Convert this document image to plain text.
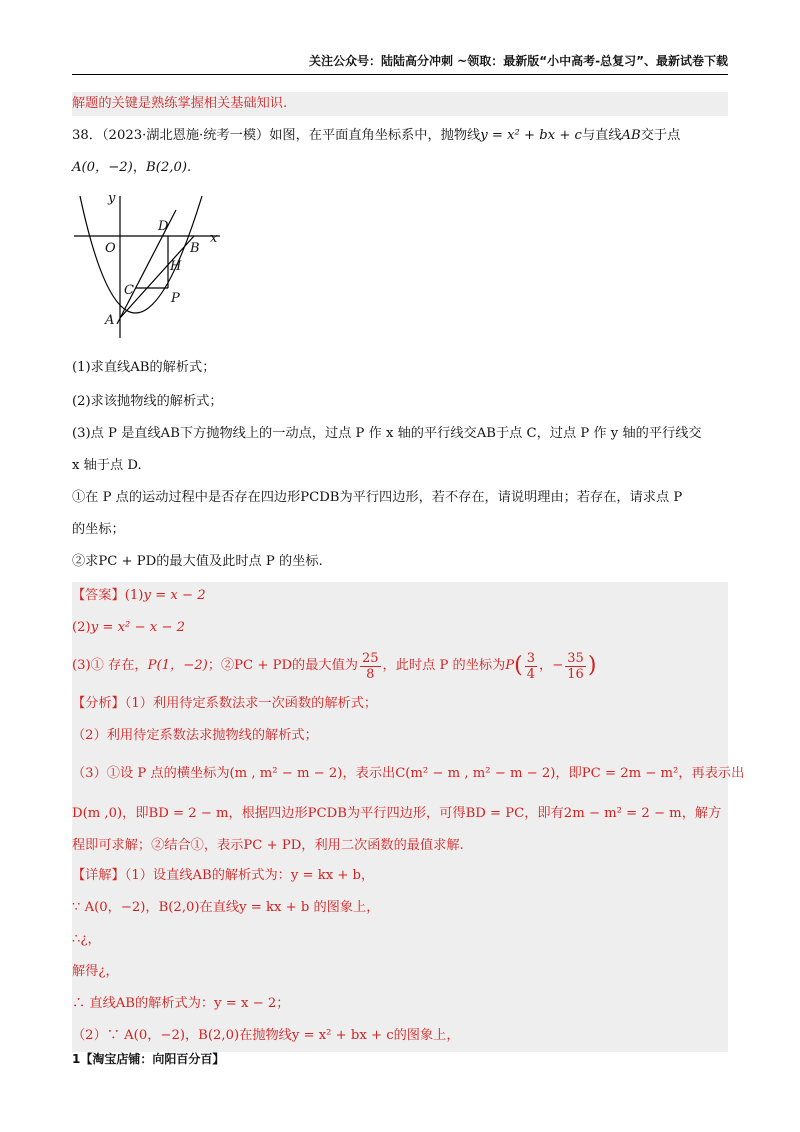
关注公众号：陆陆高分冲刺 ~领取：最新版“小中高考-总复习”、最新试卷下载
解题的关键是熟练掌握相关基础知识.
38．（2023·湖北恩施·统考一模）如图，在平面直角坐标系中，抛物线y = x² + bx + c与直线AB交于点
A(0，−2)，B(2,0).
y
x
O
D
B
H
C
P
A
(1)求直线AB的解析式；
(2)求该抛物线的解析式；
(3)点 P 是直线AB下方抛物线上的一动点，过点 P 作 x 轴的平行线交AB于点 C，过点 P 作 y 轴的平行线交
x 轴于点 D.
①在 P 点的运动过程中是否存在四边形PCDB为平行四边形，若不存在，请说明理由；若存在，请求点 P
的坐标；
②求PC + PD的最大值及此时点 P 的坐标.
【答案】(1)y = x − 2
(2)y = x² − x − 2
(3)① 存在， P(1，−2) ；②PC + PD的最大值为 $\frac{25}{8}$ ，此时点 P 的坐标为 P ( $\frac{3}{4}$ ，− $\frac{35}{16}$ )
【分析】（1）利用待定系数法求一次函数的解析式；
（2）利用待定系数法求抛物线的解析式；
（3）①设 P 点的横坐标为(m , m² − m − 2)，表示出C(m² − m , m² − m − 2)，即PC = 2m − m²，再表示出
D(m ,0)，即BD = 2 − m，根据四边形PCDB为平行四边形，可得BD = PC，即有2m − m² = 2 − m，解方
程即可求解；②结合①，表示PC + PD，利用二次函数的最值求解.
【详解】（1）设直线AB的解析式为：y = kx + b，
∵ A(0，−2)，B(2,0)在直线y = kx + b 的图象上，
∴¿，
解得¿，
∴ 直线AB的解析式为：y = x − 2；
（2）∵ A(0，−2)，B(2,0)在抛物线y = x² + bx + c的图象上，
1【淘宝店铺：向阳百分百】
